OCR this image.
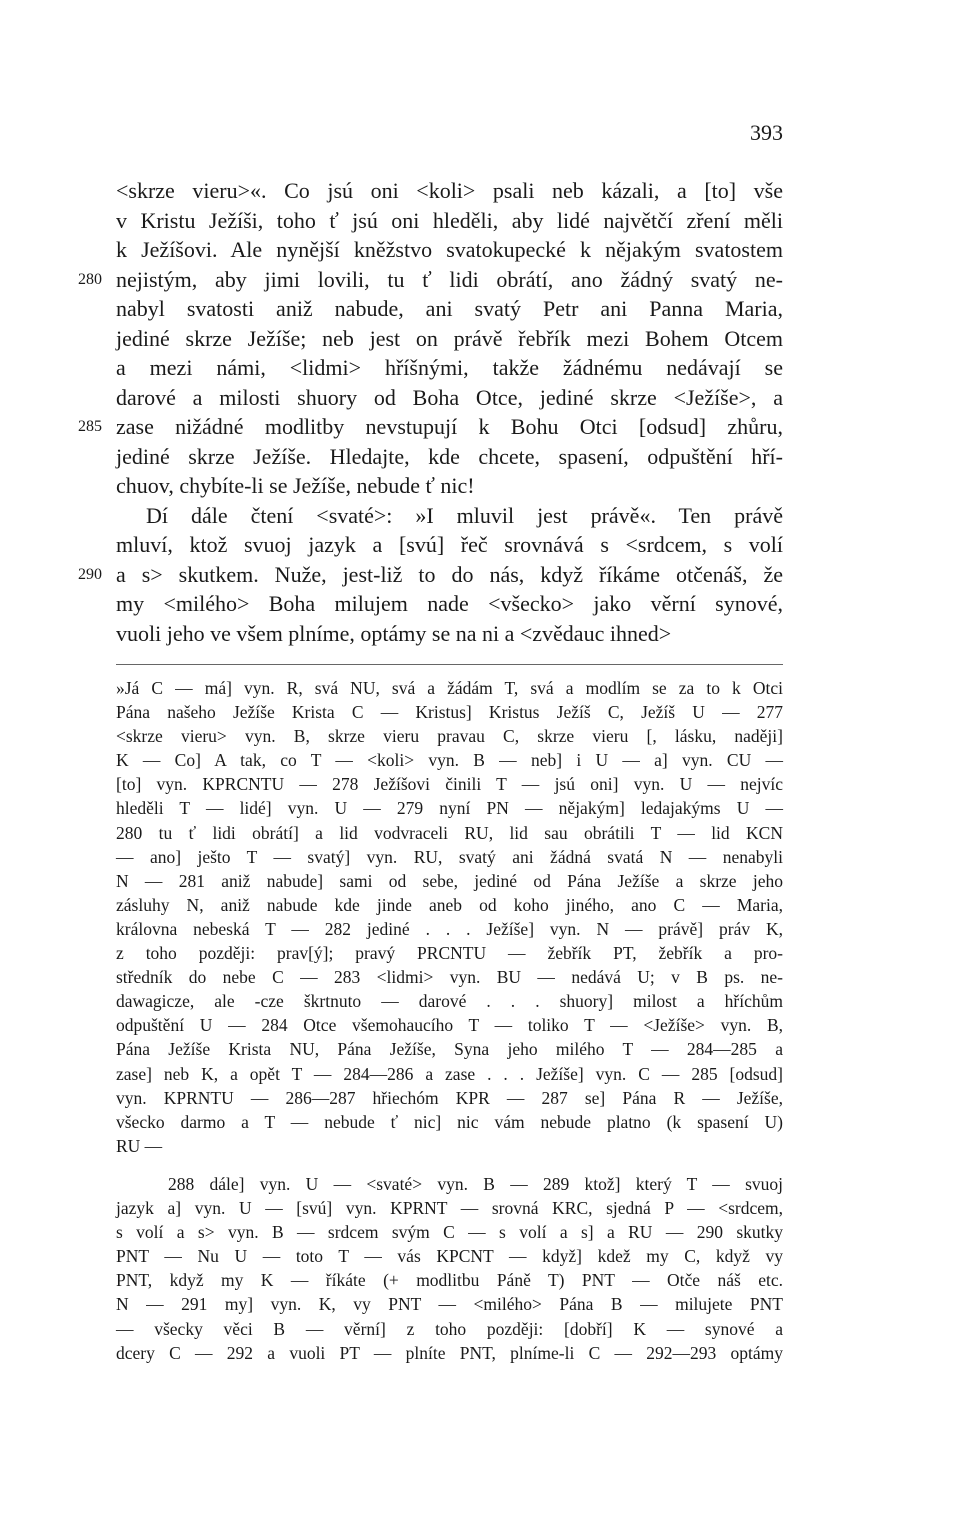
393
<skrze vieru>«. Co jsú oni <koli> psali neb kázali, a [to] vše
v Kristu Ježíši, toho ť jsú oni hleděli, aby lidé najvětčí zření měli
k Ježíšovi. Ale nynější kněžstvo svatokupecké k nějakým svatostem
280 nejistým, aby jimi lovili, tu ť lidi obrátí, ano žádný svatý ne-
nabyl svatosti aniž nabude, ani svatý Petr ani Panna Maria,
jediné skrze Ježíše; neb jest on právě řebřík mezi Bohem Otcem
a mezi námi, <lidmi> hříšnými, takže žádnému nedávají se
darové a milosti shuory od Boha Otce, jediné skrze <Ježíše>, a
285 zase nižádné modlitby nevstupují k Bohu Otci [odsud] zhůru,
jediné skrze Ježíše. Hledajte, kde chcete, spasení, odpuštění hří-
chuov, chybíte-li se Ježíše, nebude ť nic!
Dí dále čtení <svaté>: »I mluvil jest právě«. Ten právě
mluví, ktož svuoj jazyk a [svú] řeč srovnává s <srdcem, s volí
290 a s> skutkem. Nuže, jest-liž to do nás, když říkáme otčenáš, že
my <milého> Boha milujem nade <všecko> jako věrní synové,
vuoli jeho ve všem plníme, optámy se na ni a <zvědauc ihned>
»Já C — má] vyn. R, svá NU, svá a žádám T, svá a modlím se za to k Otci
Pána našeho Ježíše Krista C — Kristus] Kristus Ježíš C, Ježíš U — 277
<skrze vieru> vyn. B, skrze vieru pravau C, skrze vieru [, lásku, naději]
K — Co] A tak, co T — <koli> vyn. B — neb] i U — a] vyn. CU —
[to] vyn. KPRCNTU — 278 Ježíšovi činili T — jsú oni] vyn. U — nejvíc
hleděli T — lidé] vyn. U — 279 nyní PN — nějakým] ledajakýms U —
280 tu ť lidi obrátí] a lid vodvraceli RU, lid sau obrátili T — lid KCN
— ano] ješto T — svatý] vyn. RU, svatý ani žádná svatá N — nenabyli
N — 281 aniž nabude] sami od sebe, jediné od Pána Ježíše a skrze jeho
zásluhy N, aniž nabude kde jinde aneb od koho jiného, ano C — Maria,
královna nebeská T — 282 jediné . . . Ježíše] vyn. N — právě] práv K,
z toho pozdějі: prav[ý]; pravý PRCNTU — žebřík PT, žebřík a pro-
středník do nebe C — 283 <lidmi> vyn. BU — nedává U; v B ps. ne-
dawagicze, ale -cze škrtnuto — darové . . . shuory] milost a hříchům
odpuštění U — 284 Otce všemohaucího T — toliko T — <Ježíše> vyn. B,
Pána Ježíše Krista NU, Pána Ježíše, Syna jeho milého T — 284—285 a
zase] neb K, a opět T — 284—286 a zase . . . Ježíše] vyn. C — 285 [odsud]
vyn. KPRNTU — 286—287 hřiechóm KPR — 287 se] Pána R — Ježíše,
všecko darmo a T — nebude ť nic] nic vám nebude platno (k spasení U)
RU —
288 dále] vyn. U — <svaté> vyn. B — 289 ktož] který T — svuoj
jazyk a] vyn. U — [svú] vyn. KPRNT — srovná KRC, sjedná P — <srdcem,
s volí a s> vyn. B — srdcem svým C — s volí a s] a RU — 290 skutky
PNT — Nu U — toto T — vás KPCNT — když] kdež my C, když vy
PNT, když my K — říkáte (+ modlitbu Páně T) PNT — Otče náš etc.
N — 291 my] vyn. K, vy PNT — <milého> Pána B — milujete PNT
— všecky věci B — věrní] z toho pozdějі: [dobří] K — synové a
dcery C — 292 a vuoli PT — plníte PNT, plníme-li C — 292—293 optámy
